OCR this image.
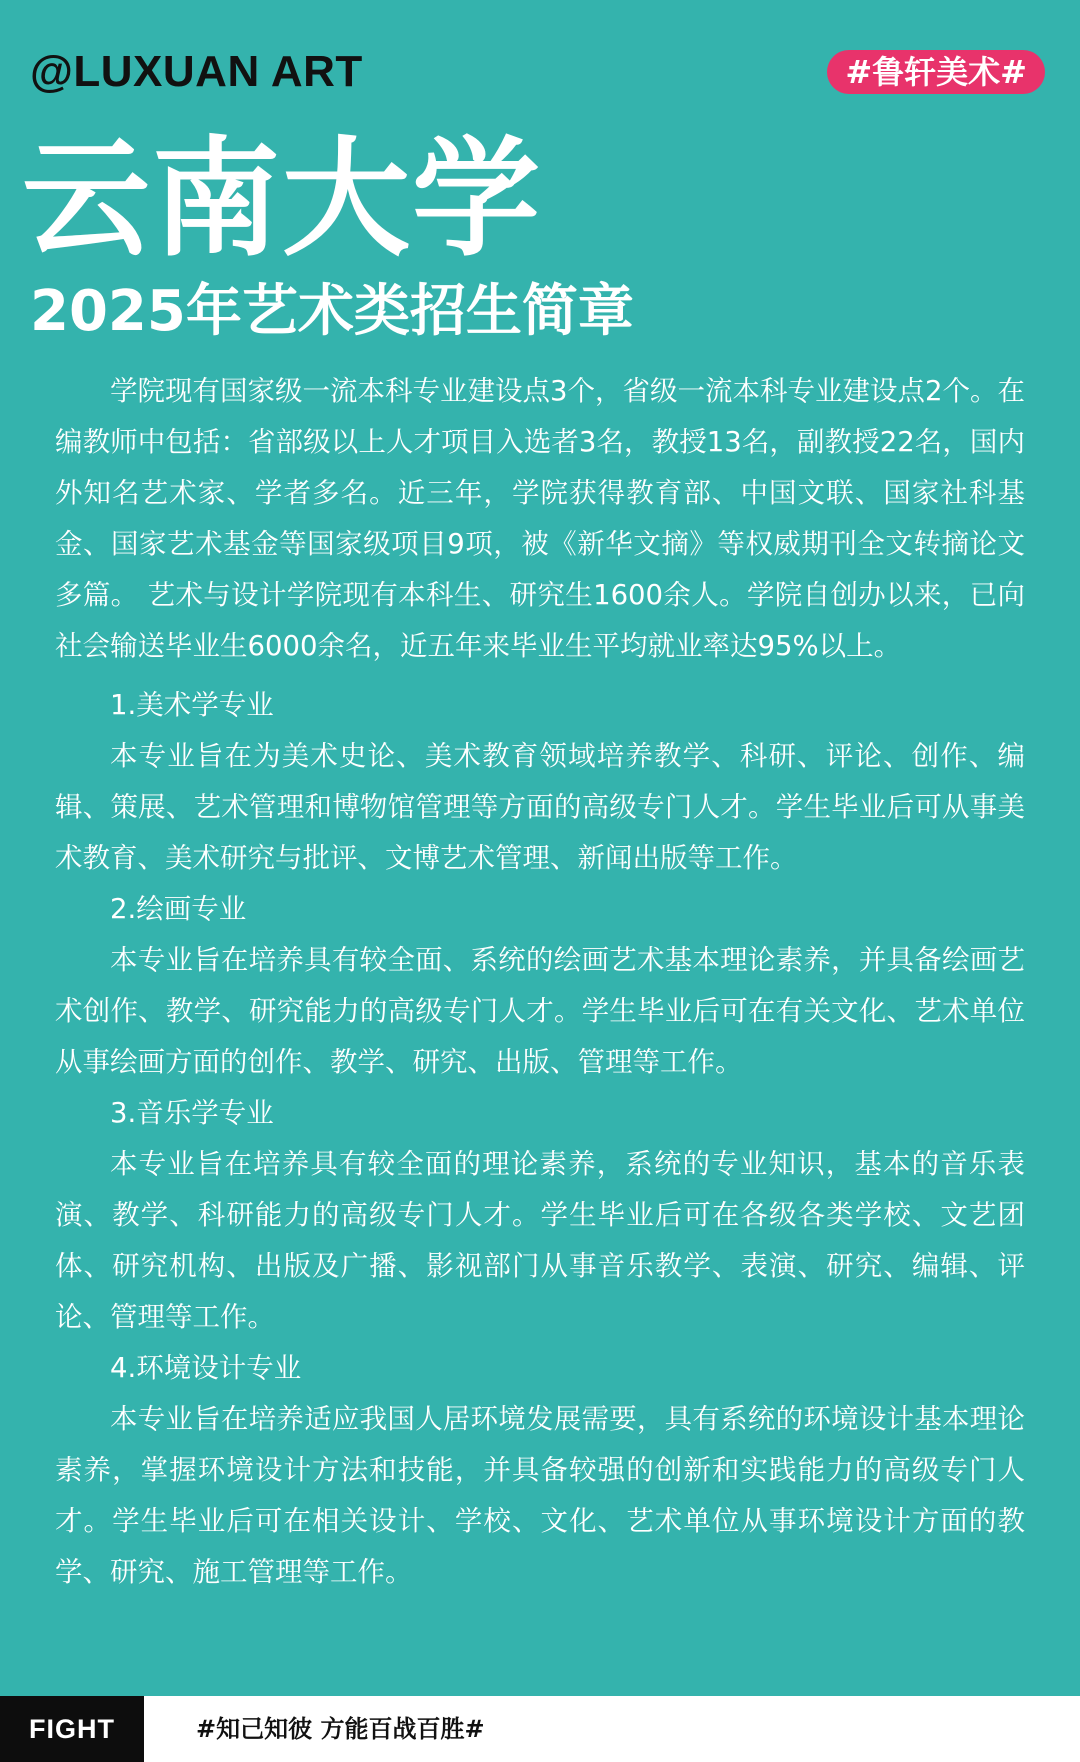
@LUXUAN ART	#鲁轩美术#
云南大学
2025年艺术类招生简章

学院现有国家级一流本科专业建设点3个，省级一流本科专业建设点2个。在编教师中包括：省部级以上人才项目入选者3名，教授13名，副教授22名，国内外知名艺术家、学者多名。近三年，学院获得教育部、中国文联、国家社科基金、国家艺术基金等国家级项目9项，被《新华文摘》等权威期刊全文转摘论文多篇。 艺术与设计学院现有本科生、研究生1600余人。学院自创办以来，已向社会输送毕业生6000余名，近五年来毕业生平均就业率达95%以上。

1.美术学专业

本专业旨在为美术史论、美术教育领域培养教学、科研、评论、创作、编辑、策展、艺术管理和博物馆管理等方面的高级专门人才。学生毕业后可从事美术教育、美术研究与批评、文博艺术管理、新闻出版等工作。

2.绘画专业

本专业旨在培养具有较全面、系统的绘画艺术基本理论素养，并具备绘画艺术创作、教学、研究能力的高级专门人才。学生毕业后可在有关文化、艺术单位从事绘画方面的创作、教学、研究、出版、管理等工作。

3.音乐学专业

本专业旨在培养具有较全面的理论素养，系统的专业知识，基本的音乐表演、教学、科研能力的高级专门人才。学生毕业后可在各级各类学校、文艺团体、研究机构、出版及广播、影视部门从事音乐教学、表演、研究、编辑、评论、管理等工作。

4.环境设计专业

本专业旨在培养适应我国人居环境发展需要，具有系统的环境设计基本理论素养，掌握环境设计方法和技能，并具备较强的创新和实践能力的高级专门人才。学生毕业后可在相关设计、学校、文化、艺术单位从事环境设计方面的教学、研究、施工管理等工作。

FIGHT	#知己知彼 方能百战百胜#
